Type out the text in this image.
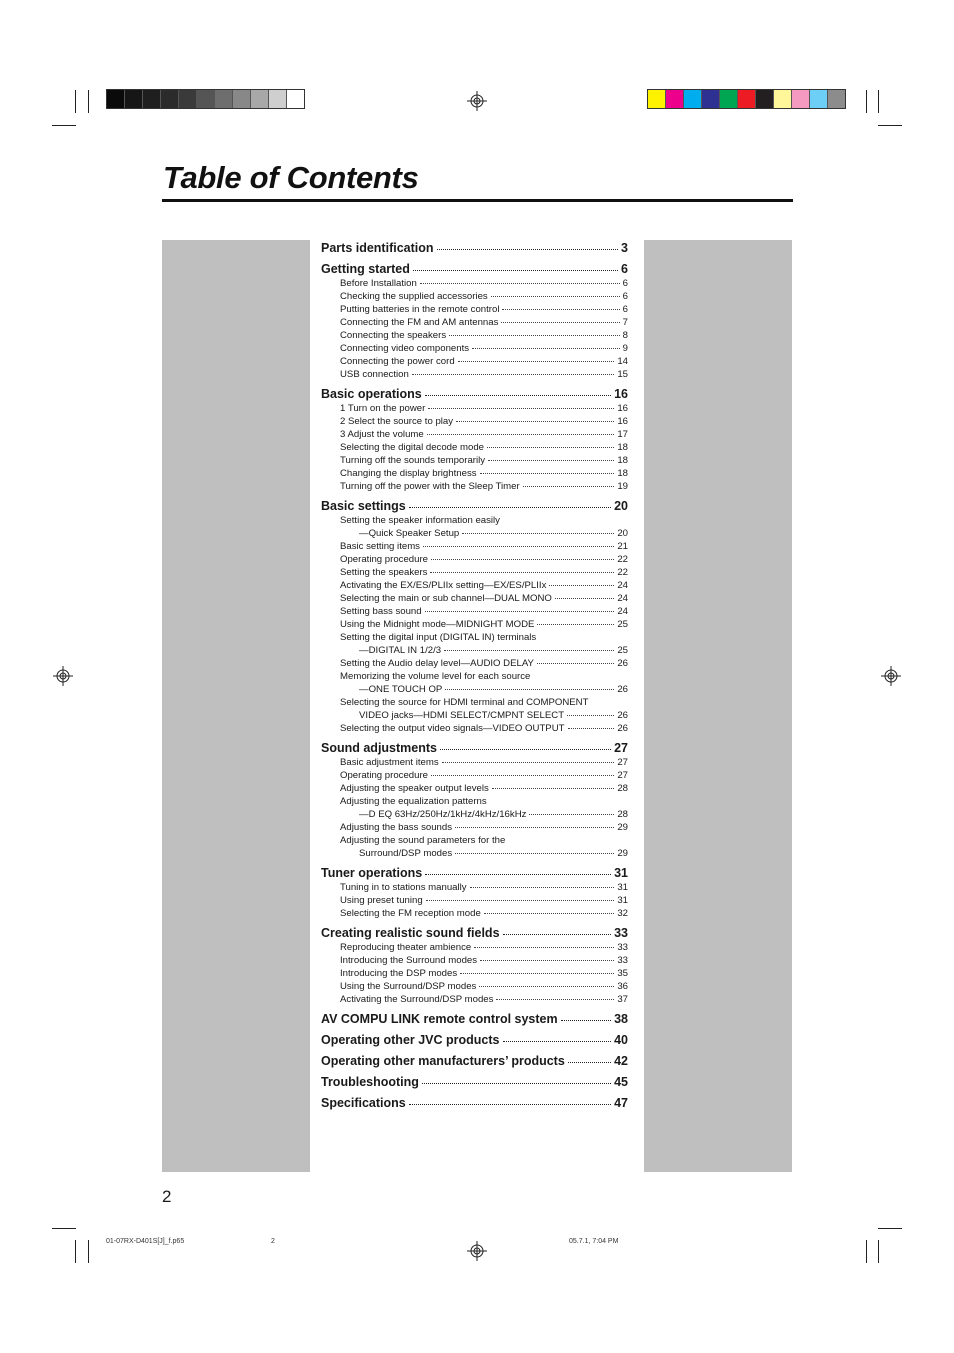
Table of Contents
Parts identification	3
Getting started	6
Before Installation	6
Checking the supplied accessories	6
Putting batteries in the remote control	6
Connecting the FM and AM antennas	7
Connecting the speakers	8
Connecting video components	9
Connecting the power cord	14
USB connection	15
Basic operations	16
1 Turn on the power	16
2 Select the source to play	16
3 Adjust the volume	17
Selecting the digital decode mode	18
Turning off the sounds temporarily	18
Changing the display brightness	18
Turning off the power with the Sleep Timer	19
Basic settings	20
Setting the speaker information easily
—Quick Speaker Setup	20
Basic setting items	21
Operating procedure	22
Setting the speakers	22
Activating the EX/ES/PLIIx setting—EX/ES/PLIIx	24
Selecting the main or sub channel—DUAL MONO	24
Setting bass sound	24
Using the Midnight mode—MIDNIGHT MODE	25
Setting the digital input (DIGITAL IN) terminals
—DIGITAL IN 1/2/3	25
Setting the Audio delay level—AUDIO DELAY	26
Memorizing the volume level for each source
—ONE TOUCH OP	26
Selecting the source for HDMI terminal and COMPONENT
VIDEO jacks—HDMI SELECT/CMPNT SELECT	26
Selecting the output video signals—VIDEO OUTPUT	26
Sound adjustments	27
Basic adjustment items	27
Operating procedure	27
Adjusting the speaker output levels	28
Adjusting the equalization patterns
—D EQ 63Hz/250Hz/1kHz/4kHz/16kHz	28
Adjusting the bass sounds	29
Adjusting the sound parameters for the
Surround/DSP modes	29
Tuner operations	31
Tuning in to stations manually	31
Using preset tuning	31
Selecting the FM reception mode	32
Creating realistic sound fields	33
Reproducing theater ambience	33
Introducing the Surround modes	33
Introducing the DSP modes	35
Using the Surround/DSP modes	36
Activating the Surround/DSP modes	37
AV COMPU LINK remote control system	38
Operating other JVC products	40
Operating other manufacturers’ products	42
Troubleshooting	45
Specifications	47
2
01-07RX-D401S[J]_f.p65	2	05.7.1, 7:04 PM
